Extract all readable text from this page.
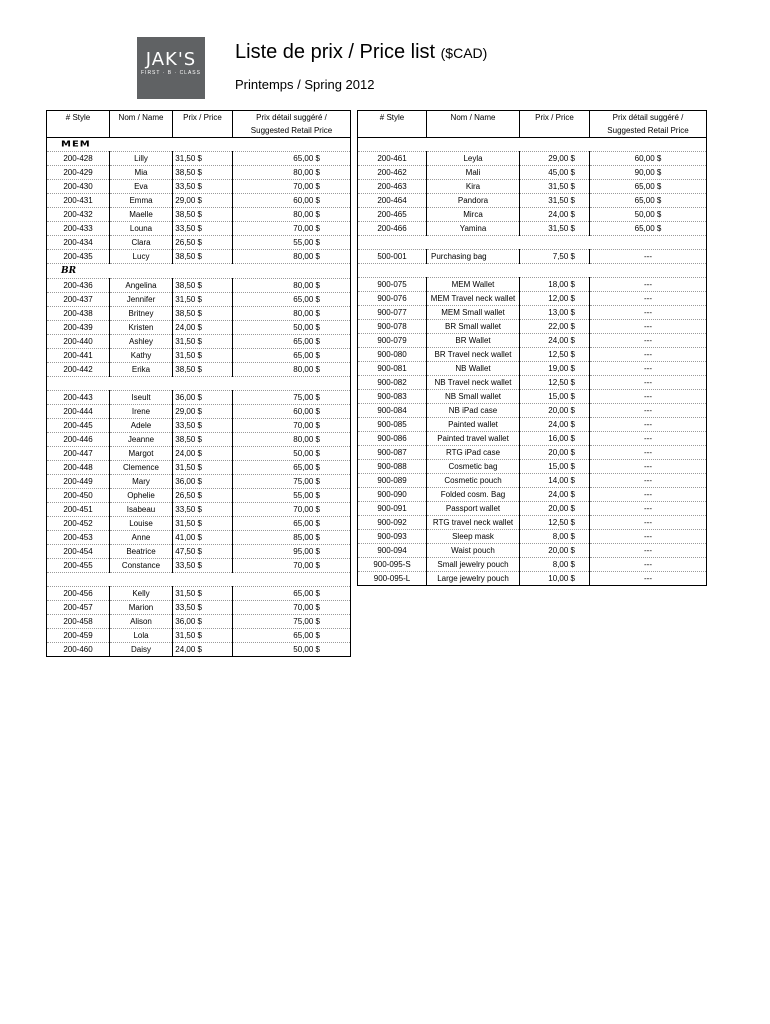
JAK'S
FIRST · B · CLASS
Liste de prix / Price list ($CAD)
Printemps / Spring 2012
# Style	Nom / Name	Prix / Price	Prix détail suggéré /
			Suggested Retail Price
MEM			
200-428	Lilly	31,50 $	65,00 $
200-429	Mia	38,50 $	80,00 $
200-430	Eva	33,50 $	70,00 $
200-431	Emma	29,00 $	60,00 $
200-432	Maelle	38,50 $	80,00 $
200-433	Louna	33,50 $	70,00 $
200-434	Clara	26,50 $	55,00 $
200-435	Lucy	38,50 $	80,00 $
BR			
200-436	Angelina	38,50 $	80,00 $
200-437	Jennifer	31,50 $	65,00 $
200-438	Britney	38,50 $	80,00 $
200-439	Kristen	24,00 $	50,00 $
200-440	Ashley	31,50 $	65,00 $
200-441	Kathy	31,50 $	65,00 $
200-442	Erika	38,50 $	80,00 $

200-443	Iseult	36,00 $	75,00 $
200-444	Irene	29,00 $	60,00 $
200-445	Adele	33,50 $	70,00 $
200-446	Jeanne	38,50 $	80,00 $
200-447	Margot	24,00 $	50,00 $
200-448	Clemence	31,50 $	65,00 $
200-449	Mary	36,00 $	75,00 $
200-450	Ophelie	26,50 $	55,00 $
200-451	Isabeau	33,50 $	70,00 $
200-452	Louise	31,50 $	65,00 $
200-453	Anne	41,00 $	85,00 $
200-454	Beatrice	47,50 $	95,00 $
200-455	Constance	33,50 $	70,00 $

200-456	Kelly	31,50 $	65,00 $
200-457	Marion	33,50 $	70,00 $
200-458	Alison	36,00 $	75,00 $
200-459	Lola	31,50 $	65,00 $
200-460	Daisy	24,00 $	50,00 $
# Style	Nom / Name	Prix / Price	Prix détail suggéré /
			Suggested Retail Price

200-461	Leyla	29,00 $	60,00 $
200-462	Mali	45,00 $	90,00 $
200-463	Kira	31,50 $	65,00 $
200-464	Pandora	31,50 $	65,00 $
200-465	Mirca	24,00 $	50,00 $
200-466	Yamina	31,50 $	65,00 $

500-001	Purchasing bag	7,50 $	---

900-075	MEM Wallet	18,00 $	---
900-076	MEM Travel neck wallet	12,00 $	---
900-077	MEM Small wallet	13,00 $	---
900-078	BR Small wallet	22,00 $	---
900-079	BR Wallet	24,00 $	---
900-080	BR Travel neck wallet	12,50 $	---
900-081	NB Wallet	19,00 $	---
900-082	NB Travel neck wallet	12,50 $	---
900-083	NB Small wallet	15,00 $	---
900-084	NB iPad case	20,00 $	---
900-085	Painted wallet	24,00 $	---
900-086	Painted travel wallet	16,00 $	---
900-087	RTG iPad case	20,00 $	---
900-088	Cosmetic bag	15,00 $	---
900-089	Cosmetic pouch	14,00 $	---
900-090	Folded cosm. Bag	24,00 $	---
900-091	Passport wallet	20,00 $	---
900-092	RTG travel neck wallet	12,50 $	---
900-093	Sleep mask	8,00 $	---
900-094	Waist pouch	20,00 $	---
900-095-S	Small jewelry pouch	8,00 $	---
900-095-L	Large jewelry pouch	10,00 $	---
